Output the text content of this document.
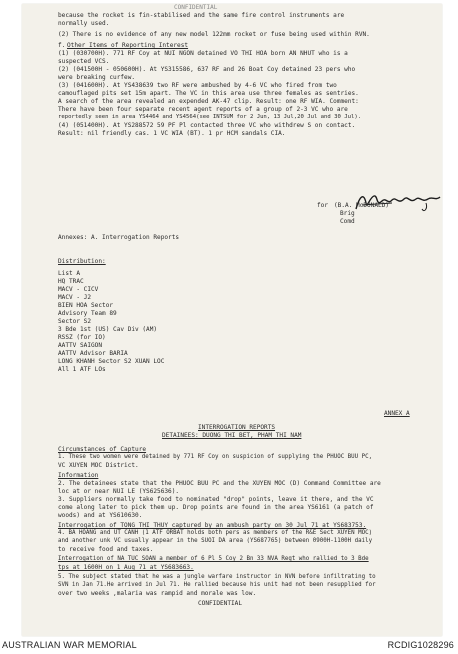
CONFIDENTIAL
because the rocket is fin-stabilised and the same fire control instruments are
normally used.
(2) There is no evidence of any new model 122mm rocket or fuse being used within RVN.
f. Other Items of Reporting Interest
(1) (030700H). 771 RF Coy at NUI NGON detained VO THI HOA born AN NHUT who is a
suspected VCS.
(2) (041500H - 050600H). At YS315586, 637 RF and 26 Boat Coy detained 23 pers who
were breaking curfew.
(3) (041600H). At YS438639 two RF were ambushed by 4-6 VC who fired from two
camouflaged pits set 15m apart. The VC in this area use three females as sentries.
A search of the area revealed an expended AK-47 clip. Result: one RF WIA. Comment:
There have been four separate recent agent reports of a group of 2-3 VC who are
reportedly seen in area YS4464 and YS4564(see INTSUM for 2 Jun, 13 Jul,20 Jul and 30 Jul).
(4) (051400H). At YS288572 59 PF Pl contacted three VC who withdrew S on contact.
Result: nil friendly cas. 1 VC WIA (BT). 1 pr HCM sandals CIA.
for (B.A. McDONALD)
Brig
Comd
Annexes: A. Interrogation Reports
Distribution:
List A
HQ TRAC
MACV - CICV
MACV - J2
BIEN HOA Sector
Advisory Team 89
Sector S2
3 Bde 1st (US) Cav Div (AM)
RSSZ (for IO)
AATTV SAIGON
AATTV Advisor BARIA
LONG KHANH Sector S2 XUAN LOC
All 1 ATF LOs
ANNEX A
INTERROGATION REPORTS
DETAINEES: DUONG THI BET, PHAM THI NAM
Circumstances of Capture
1. These two women were detained by 771 RF Coy on suspicion of supplying the PHUOC BUU PC,
VC XUYEN MOC District.
Information
2. The detainees state that the PHUOC BUU PC and the XUYEN MOC (D) Command Committee are
loc at or near NUI LE (YS625636).
3. Suppliers normally take food to nominated "drop" points, leave it there, and the VC
come along later to pick them up. Drop points are found in the area YS6161 (a patch of
woods) and at YS610630.
Interrogation of TONG THI THUY captured by an ambush party on 30 Jul 71 at YS683753.
4. BA HOANG and UT CANH (1 ATF ORBAT holds both pers as members of the R&E Sect XUYEN MOC)
and another unk VC usually appear in the SUOI DA area (YS687765) between 0900H-1100H daily
to receive food and taxes.
Interrogation of NA TUC SOAN a member of 6 Pl 5 Coy 2 Bn 33 NVA Regt who rallied to 3 Bde
tps at 1600H on 1 Aug 71 at YS683663.
5. The subject stated that he was a jungle warfare instructor in NVN before infiltrating to
SVN in Jan 71.He arrived in Jul 71. He rallied because his unit had not been resupplied for
over two weeks ,malaria was rampid and morale was low.
CONFIDENTIAL
AUSTRALIAN WAR MEMORIAL	RCDIG1028296
